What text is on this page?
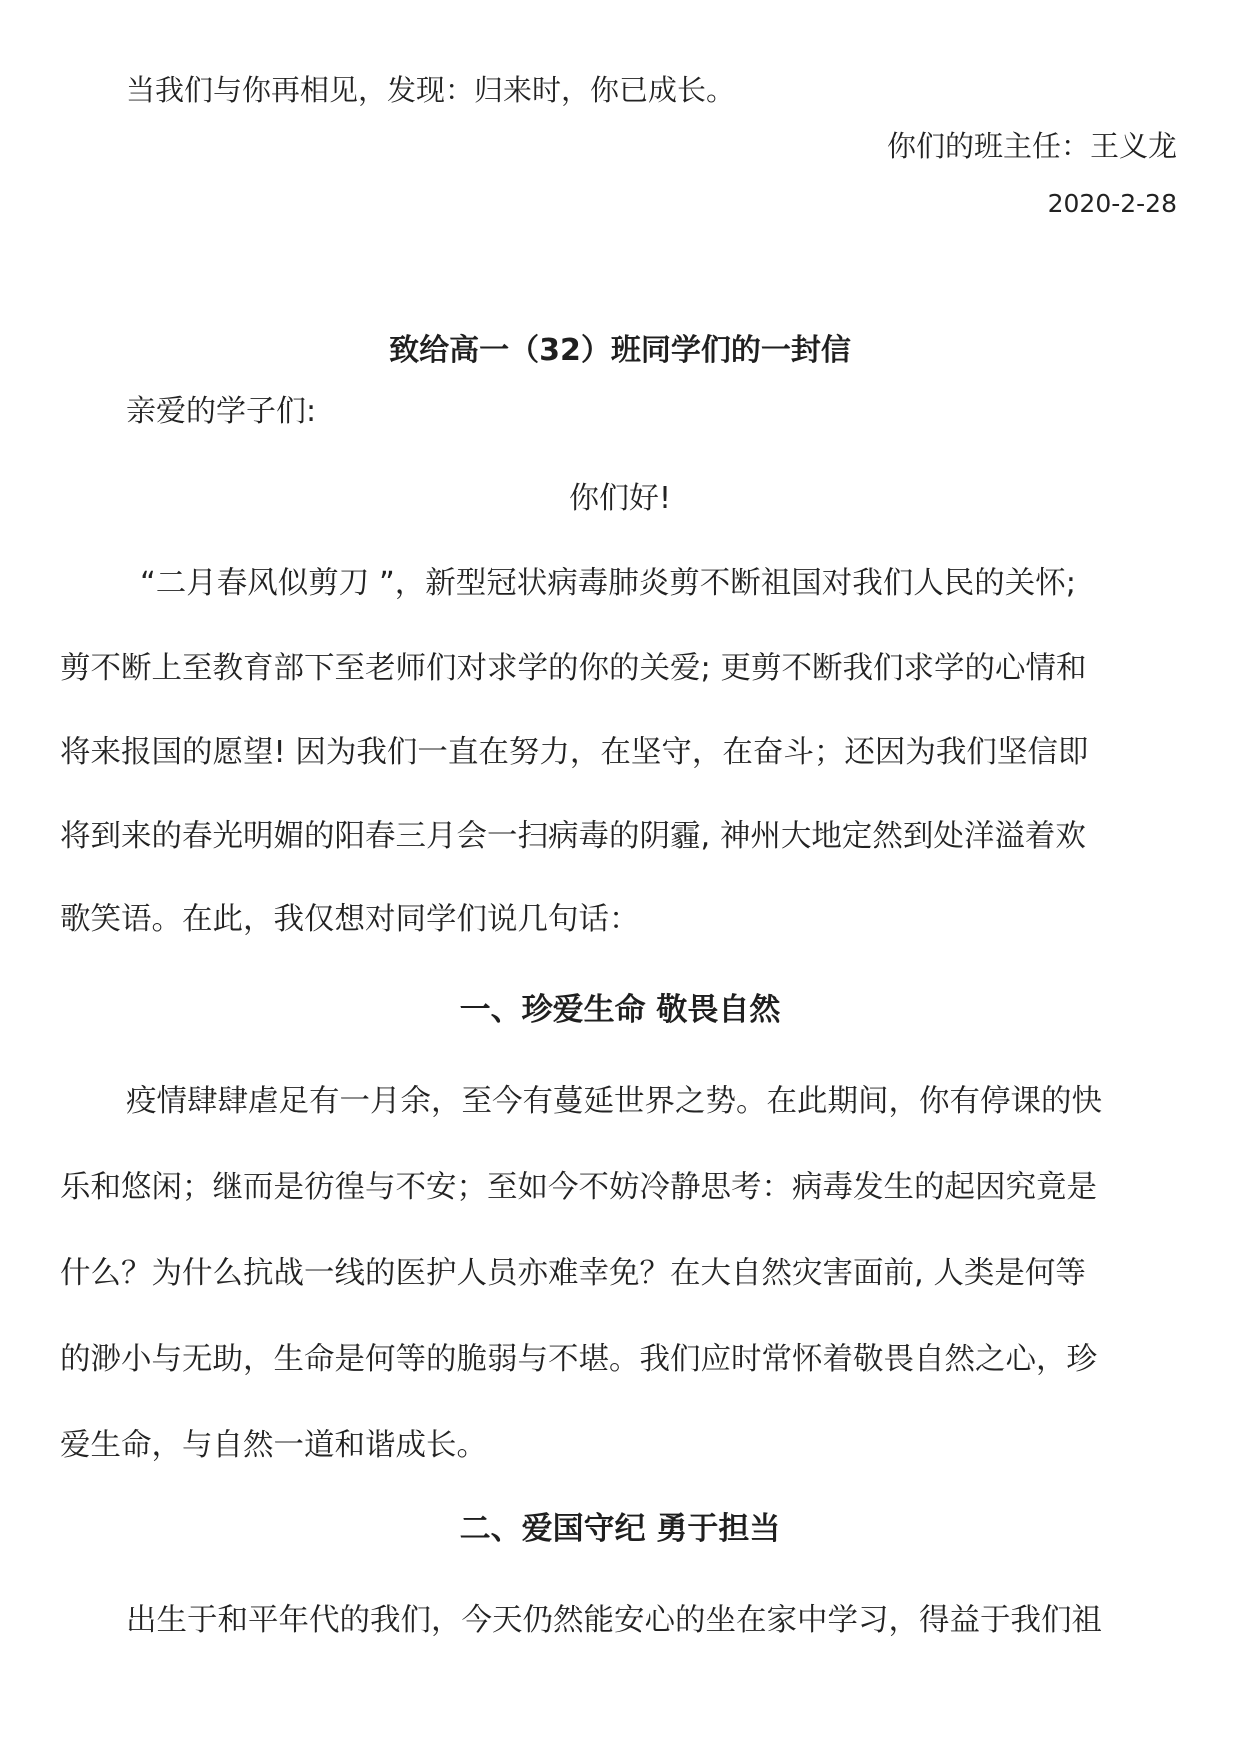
当我们与你再相见，发现：归来时，你已成长。
你们的班主任：王义龙
2020-2-28
致给高一（32）班同学们的一封信
亲爱的学子们:
你们好!
“二月春风似剪刀 ”，新型冠状病毒肺炎剪不断祖国对我们人民的关怀;
剪不断上至教育部下至老师们对求学的你的关爱; 更剪不断我们求学的心情和
将来报国的愿望! 因为我们一直在努力，在坚守，在奋斗；还因为我们坚信即
将到来的春光明媚的阳春三月会一扫病毒的阴霾, 神州大地定然到处洋溢着欢
歌笑语。在此，我仅想对同学们说几句话：
一、珍爱生命 敬畏自然
疫情肆肆虐足有一月余，至今有蔓延世界之势。在此期间，你有停课的快
乐和悠闲；继而是彷徨与不安；至如今不妨冷静思考：病毒发生的起因究竟是
什么？为什么抗战一线的医护人员亦难幸免？在大自然灾害面前, 人类是何等
的渺小与无助，生命是何等的脆弱与不堪。我们应时常怀着敬畏自然之心，珍
爱生命，与自然一道和谐成长。
二、爱国守纪 勇于担当
出生于和平年代的我们，今天仍然能安心的坐在家中学习，得益于我们祖
